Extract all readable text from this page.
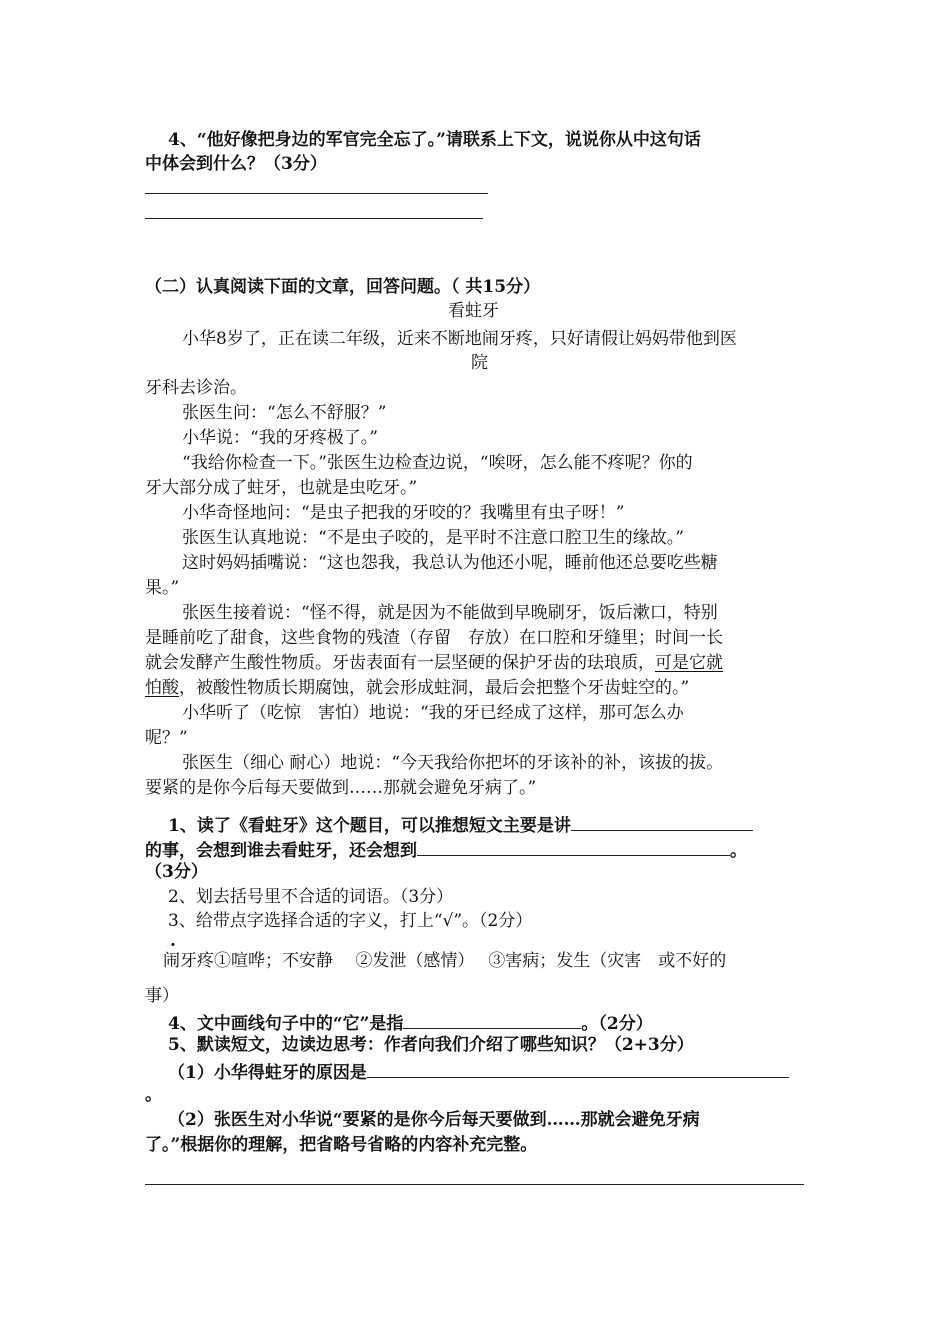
4、“他好像把身边的军官完全忘了。”请联系上下文，说说你从中这句话
中体会到什么？（3分）
（二）认真阅读下面的文章，回答问题。（ 共15分）
看蛀牙
小华8岁了，正在读二年级，近来不断地闹牙疼，只好请假让妈妈带他到医
院
牙科去诊治。
张医生问：“怎么不舒服？”
小华说：“我的牙疼极了。”
“我给你检查一下。”张医生边检查边说，“唉呀，怎么能不疼呢？你的
牙大部分成了蛀牙，也就是虫吃牙。”
小华奇怪地问：“是虫子把我的牙咬的？我嘴里有虫子呀！”
张医生认真地说：“不是虫子咬的，是平时不注意口腔卫生的缘故。”
这时妈妈插嘴说：“这也怨我，我总认为他还小呢，睡前他还总要吃些糖
果。”
张医生接着说：“怪不得，就是因为不能做到早晚刷牙，饭后漱口，特别
是睡前吃了甜食，这些食物的残渣（存留　存放）在口腔和牙缝里；时间一长
就会发酵产生酸性物质。牙齿表面有一层坚硬的保护牙齿的珐琅质，可是它就
怕酸，被酸性物质长期腐蚀，就会形成蛀洞，最后会把整个牙齿蛀空的。”
小华听了（吃惊　害怕）地说：“我的牙已经成了这样，那可怎么办
呢？”
张医生（细心 耐心）地说：“今天我给你把坏的牙该补的补，该拔的拔。
要紧的是你今后每天要做到……那就会避免牙病了。”
1、读了《看蛀牙》这个题目，可以推想短文主要是讲
的事，会想到谁去看蛀牙，还会想到	。
（3分）
2、划去括号里不合适的词语。（3分）
3、给带点字选择合适的字义，打上“√”。（2分）
.
闹牙疼①喧哗；不安静　 ②发泄（感情）　 ③害病；发生（灾害　或不好的
事）
4、文中画线句子中的“它”是指	。（2分）
5、默读短文，边读边思考：作者向我们介绍了哪些知识？（2+3分）
（1）小华得蛀牙的原因是
。
（2）张医生对小华说“要紧的是你今后每天要做到……那就会避免牙病
了。”根据你的理解，把省略号省略的内容补充完整。
